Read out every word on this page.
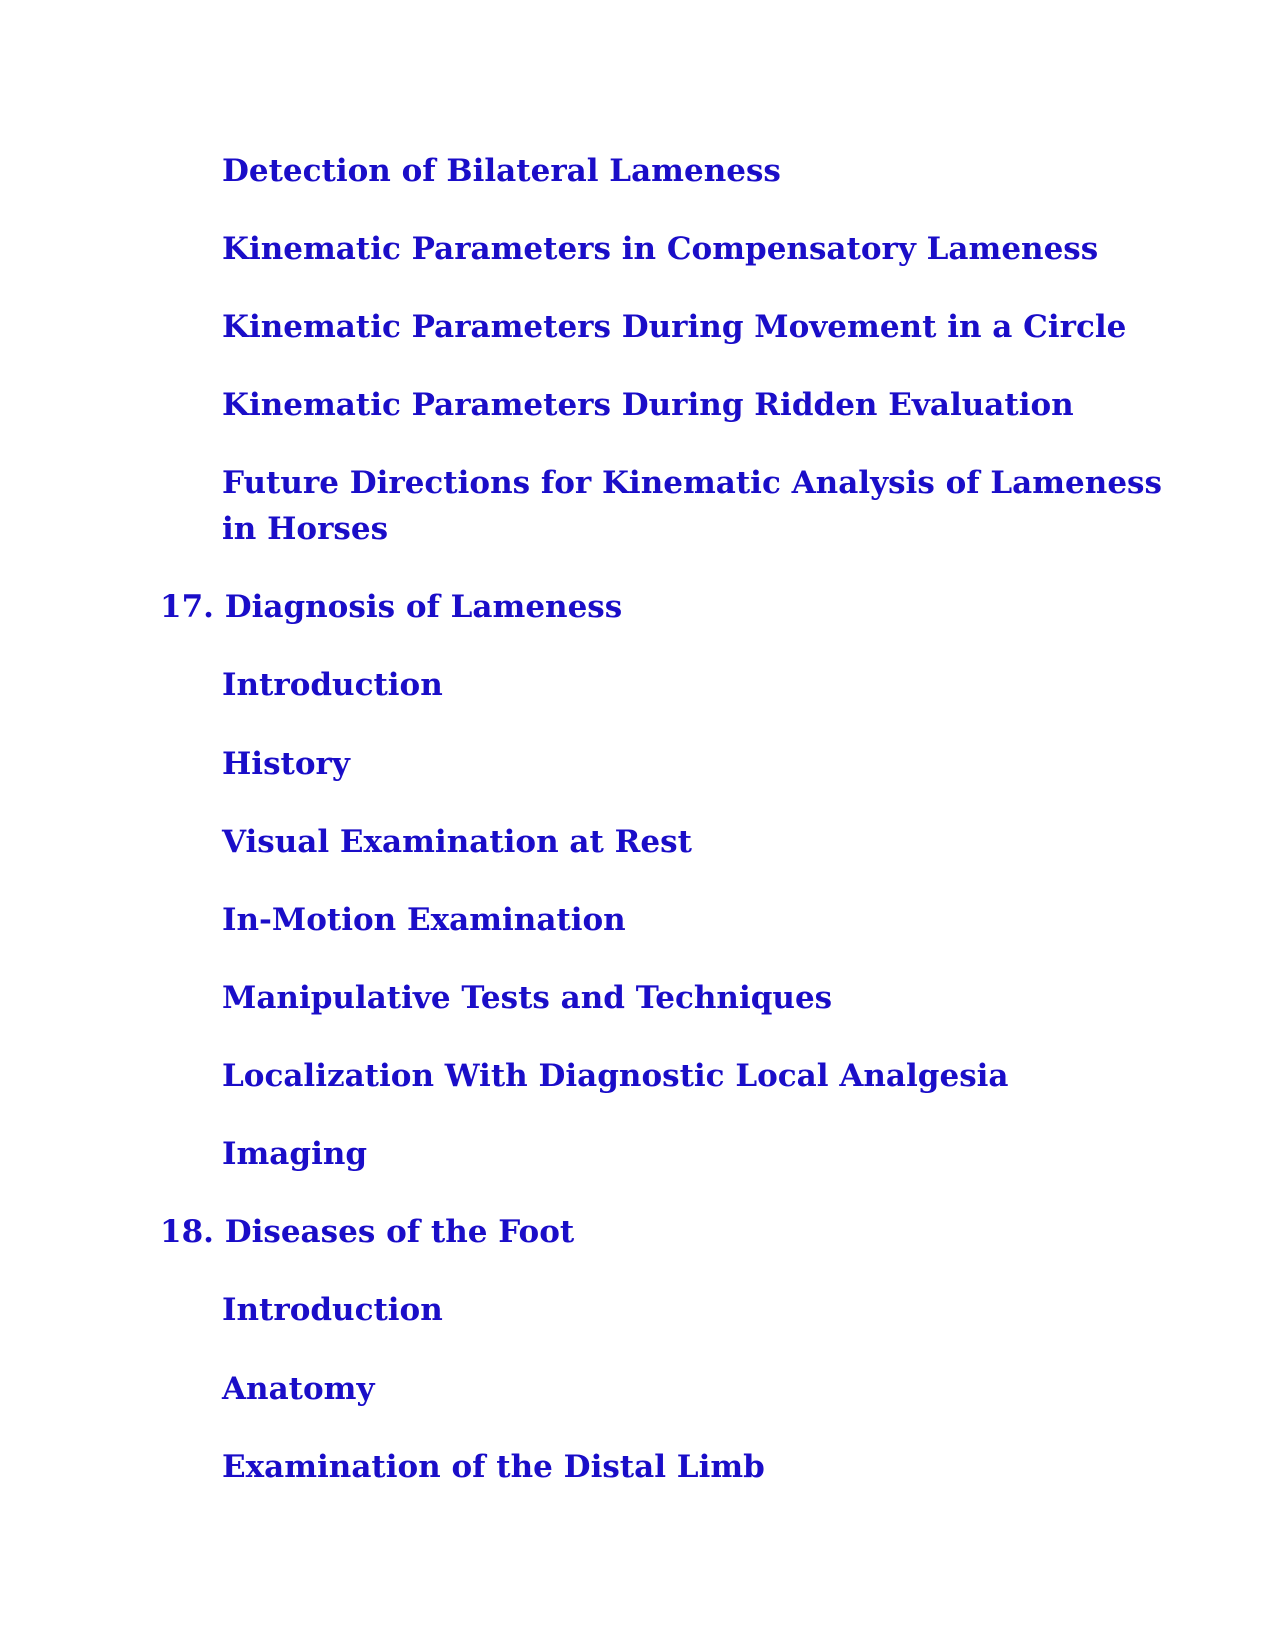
Detection of Bilateral Lameness
Kinematic Parameters in Compensatory Lameness
Kinematic Parameters During Movement in a Circle
Kinematic Parameters During Ridden Evaluation
Future Directions for Kinematic Analysis of Lameness
in Horses
17. Diagnosis of Lameness
Introduction
History
Visual Examination at Rest
In-Motion Examination
Manipulative Tests and Techniques
Localization With Diagnostic Local Analgesia
Imaging
18. Diseases of the Foot
Introduction
Anatomy
Examination of the Distal Limb
